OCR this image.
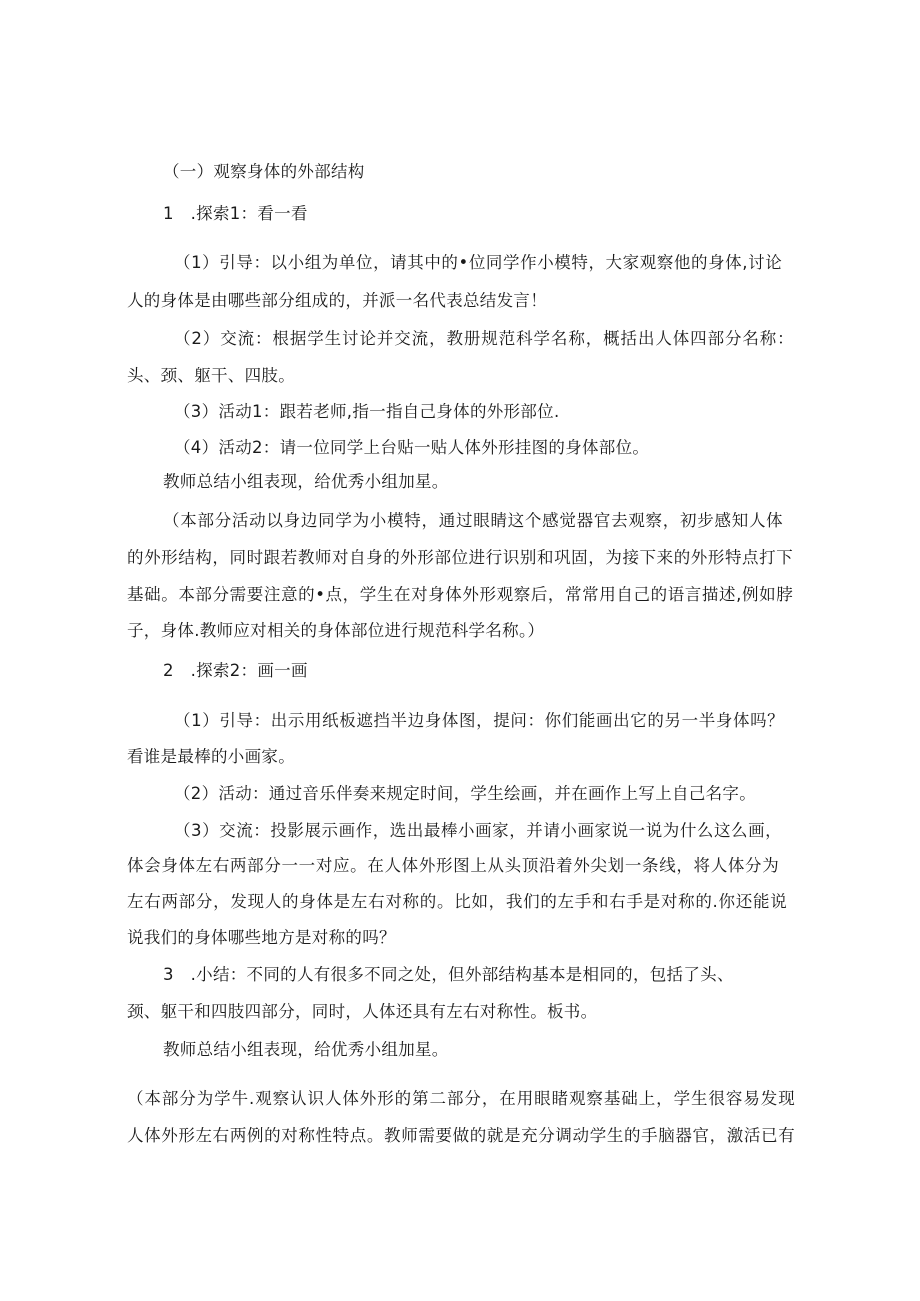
（一）观察身体的外部结构
1　.探索1：看一看
（1）引导：以小组为单位，请其中的•位同学作小模特，大家观察他的身体,讨论
人的身体是由哪些部分组成的，并派一名代表总结发言！
（2）交流：根据学生讨论并交流，教册规范科学名称，概括出人体四部分名称：
头、颈、躯干、四肢。
（3）活动1：跟若老师,指一指自己身体的外形部位.
（4）活动2：请一位同学上台贴一贴人体外形挂图的身体部位。
教师总结小组表现，给优秀小组加星。
（本部分活动以身边同学为小模特，通过眼睛这个感觉器官去观察，初步感知人体
的外形结构，同时跟若教师对自身的外形部位进行识别和巩固，为接下来的外形特点打下
基础。本部分需要注意的•点，学生在对身体外形观察后，常常用自己的语言描述,例如脖
子，身体.教师应对相关的身体部位进行规范科学名称。）
2　.探索2：画一画
（1）引导：出示用纸板遮挡半边身体图，提问：你们能画出它的另一半身体吗？
看谁是最棒的小画家。
（2）活动：通过音乐伴奏来规定时间，学生绘画，并在画作上写上自己名字。
（3）交流：投影展示画作，选出最棒小画家，并请小画家说一说为什么这么画，
体会身体左右两部分一一对应。在人体外形图上从头顶沿着外尖划一条线，将人体分为
左右两部分，发现人的身体是左右对称的。比如，我们的左手和右手是对称的.你还能说
说我们的身体哪些地方是对称的吗？
3　.小结：不同的人有很多不同之处，但外部结构基本是相同的，包括了头、
颈、躯干和四肢四部分，同时，人体还具有左右对称性。板书。
教师总结小组表现，给优秀小组加星。
（本部分为学牛.观察认识人体外形的第二部分，在用眼睹观察基础上，学生很容易发现
人体外形左右两例的对称性特点。教师需要做的就是充分调动学生的手脑器官，激活已有
